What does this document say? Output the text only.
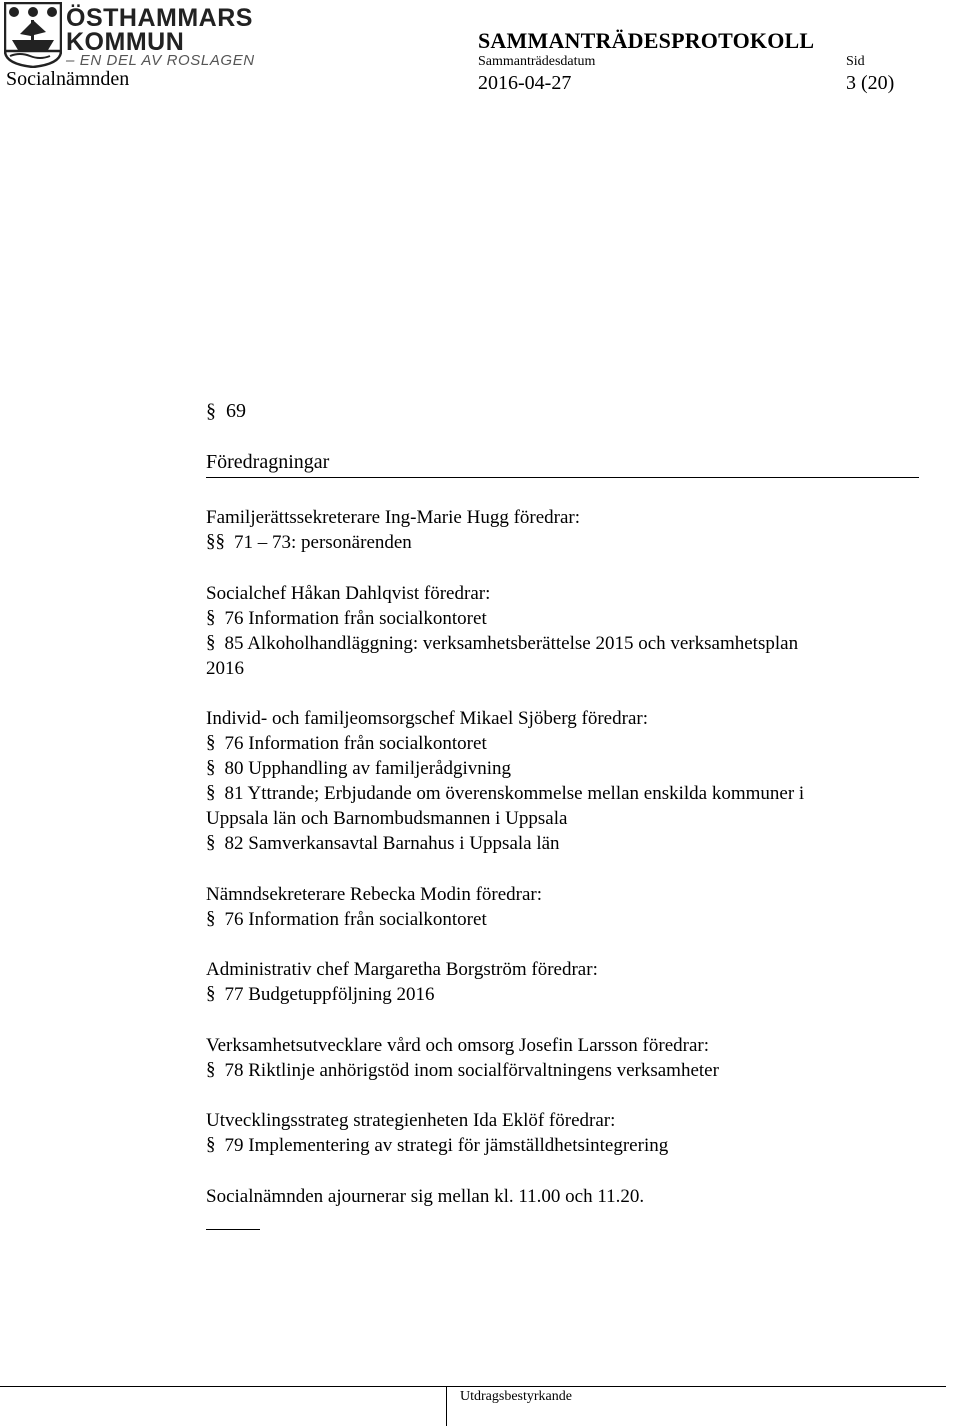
ÖSTHAMMARS
KOMMUN
– EN DEL AV ROSLAGEN
Socialnämnden
SAMMANTRÄDESPROTOKOLL
Sammanträdesdatum
2016-04-27
Sid
3 (20)
§ 69
Föredragningar
Familjerättssekreterare Ing-Marie Hugg föredrar:
§§ 71 – 73: personärenden
Socialchef Håkan Dahlqvist föredrar:
§ 76 Information från socialkontoret
§ 85 Alkoholhandläggning: verksamhetsberättelse 2015 och verksamhetsplan
2016
Individ- och familjeomsorgschef Mikael Sjöberg föredrar:
§ 76 Information från socialkontoret
§ 80 Upphandling av familjerådgivning
§ 81 Yttrande; Erbjudande om överenskommelse mellan enskilda kommuner i
Uppsala län och Barnombudsmannen i Uppsala
§ 82 Samverkansavtal Barnahus i Uppsala län
Nämndsekreterare Rebecka Modin föredrar:
§ 76 Information från socialkontoret
Administrativ chef Margaretha Borgström föredrar:
§ 77 Budgetuppföljning 2016
Verksamhetsutvecklare vård och omsorg Josefin Larsson föredrar:
§ 78 Riktlinje anhörigstöd inom socialförvaltningens verksamheter
Utvecklingsstrateg strategienheten Ida Eklöf föredrar:
§ 79 Implementering av strategi för jämställdhetsintegrering
Socialnämnden ajournerar sig mellan kl. 11.00 och 11.20.
Utdragsbestyrkande
